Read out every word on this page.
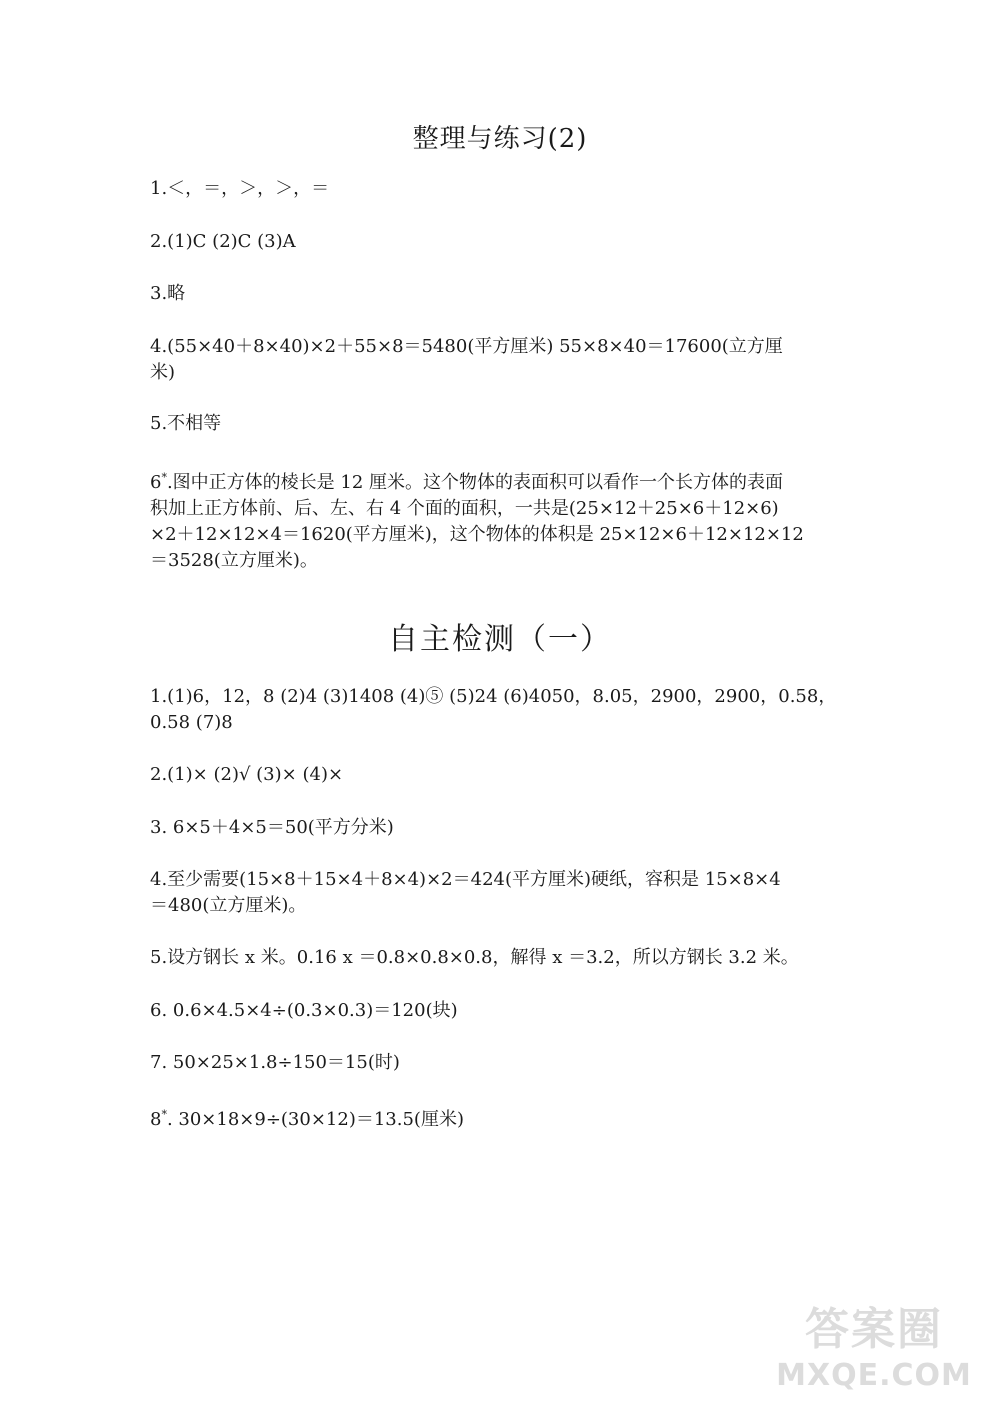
整理与练习(2)
1.＜，＝，＞，＞，＝
2.(1)C (2)C (3)A
3.略
4.(55×40＋8×40)×2＋55×8＝5480(平方厘米) 55×8×40＝17600(立方厘
米)
5.不相等
6*.图中正方体的棱长是 12 厘米。这个物体的表面积可以看作一个长方体的表面
积加上正方体前、后、左、右 4 个面的面积，一共是(25×12＋25×6＋12×6)
×2＋12×12×4＝1620(平方厘米)，这个物体的体积是 25×12×6＋12×12×12
＝3528(立方厘米)。
自主检测（一）
1.(1)6，12，8 (2)4 (3)1408 (4)⑤ (5)24 (6)4050，8.05，2900，2900，0.58，
0.58 (7)8
2.(1)× (2)√ (3)× (4)×
3. 6×5＋4×5＝50(平方分米)
4.至少需要(15×8＋15×4＋8×4)×2＝424(平方厘米)硬纸，容积是 15×8×4
＝480(立方厘米)。
5.设方钢长 x 米。0.16 x ＝0.8×0.8×0.8，解得 x ＝3.2，所以方钢长 3.2 米。
6. 0.6×4.5×4÷(0.3×0.3)＝120(块)
7. 50×25×1.8÷150＝15(时)
8*. 30×18×9÷(30×12)＝13.5(厘米)
答案圈
MXQE.COM
